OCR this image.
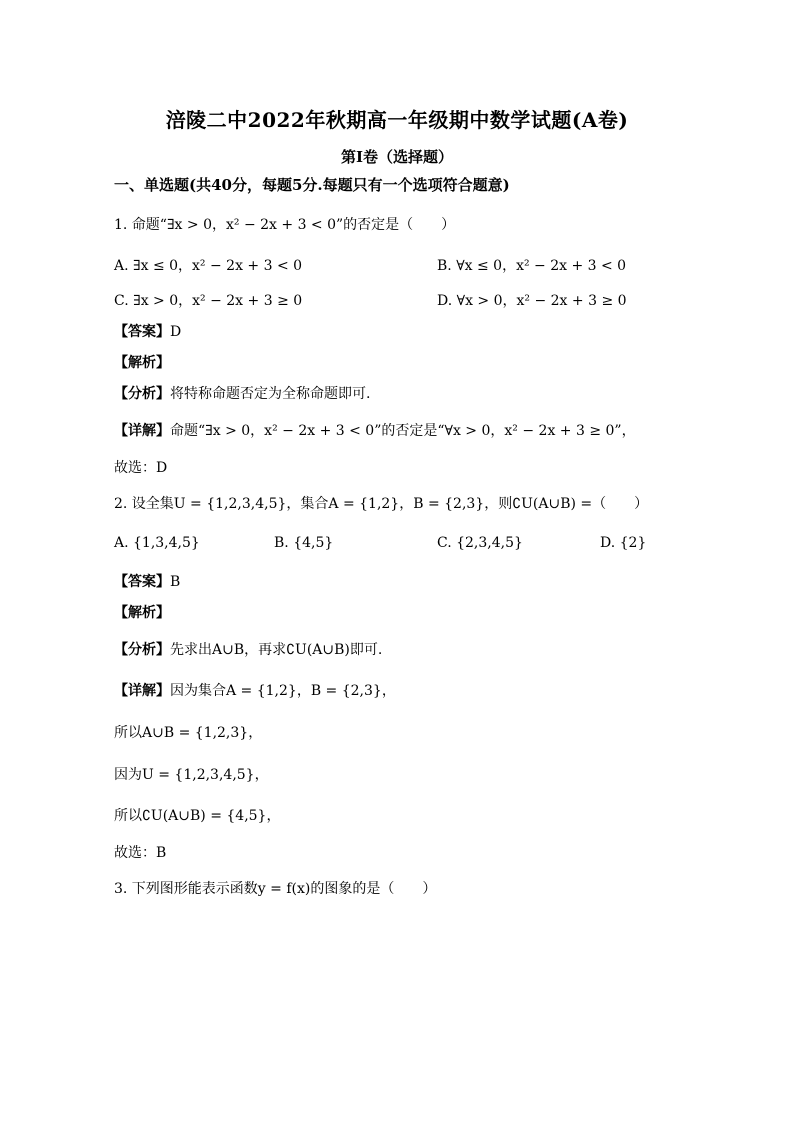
涪陵二中2022年秋期高一年级期中数学试题(A卷)
第Ⅰ卷（选择题）
一、单选题(共40分，每题5分.每题只有一个选项符合题意)
1. 命题“∃x > 0，x² − 2x + 3 < 0”的否定是（　　）
A. ∃x ≤ 0，x² − 2x + 3 < 0	B. ∀x ≤ 0，x² − 2x + 3 < 0
C. ∃x > 0，x² − 2x + 3 ≥ 0	D. ∀x > 0，x² − 2x + 3 ≥ 0
【答案】D
【解析】
【分析】将特称命题否定为全称命题即可.
【详解】命题“∃x > 0，x² − 2x + 3 < 0”的否定是“∀x > 0，x² − 2x + 3 ≥ 0”，
故选：D
2. 设全集U = {1,2,3,4,5}，集合A = {1,2}，B = {2,3}，则∁U(A∪B) =（　　）
A. {1,3,4,5}	B. {4,5}	C. {2,3,4,5}	D. {2}
【答案】B
【解析】
【分析】先求出A∪B，再求∁U(A∪B)即可.
【详解】因为集合A = {1,2}，B = {2,3}，
所以A∪B = {1,2,3}，
因为U = {1,2,3,4,5}，
所以∁U(A∪B) = {4,5}，
故选：B
3. 下列图形能表示函数y = f(x)的图象的是（　　）
